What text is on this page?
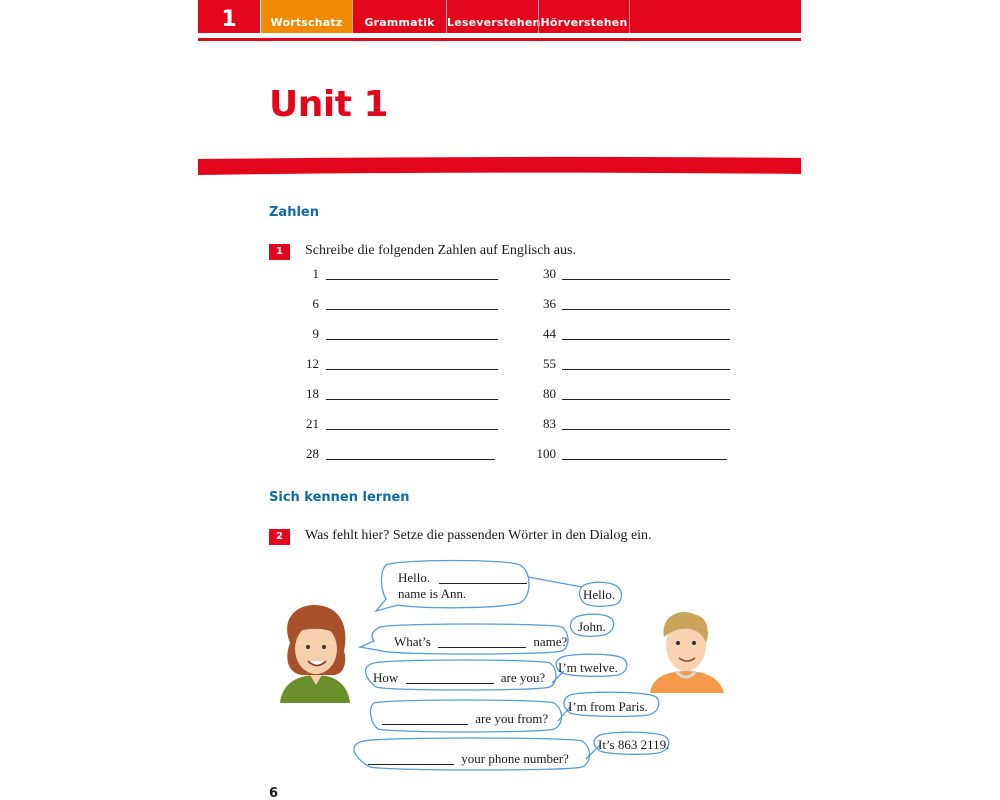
1	Wortschatz	Grammatik	Leseverstehen Hörverstehen
Unit 1
Zahlen
1	Schreibe die folgenden Zahlen auf Englisch aus.
1
6
9
12
18
21
28
30
36
44
55
80
83
100
Sich kennen lernen
2	Was fehlt hier? Setze die passenden Wörter in den Dialog ein.
Hello.
name is Ann.	Hello.
John.
What’s	name?
I’m twelve.
How	are you?
I’m from Paris.
are you from?
It’s 863 2119.
your phone number?
6
